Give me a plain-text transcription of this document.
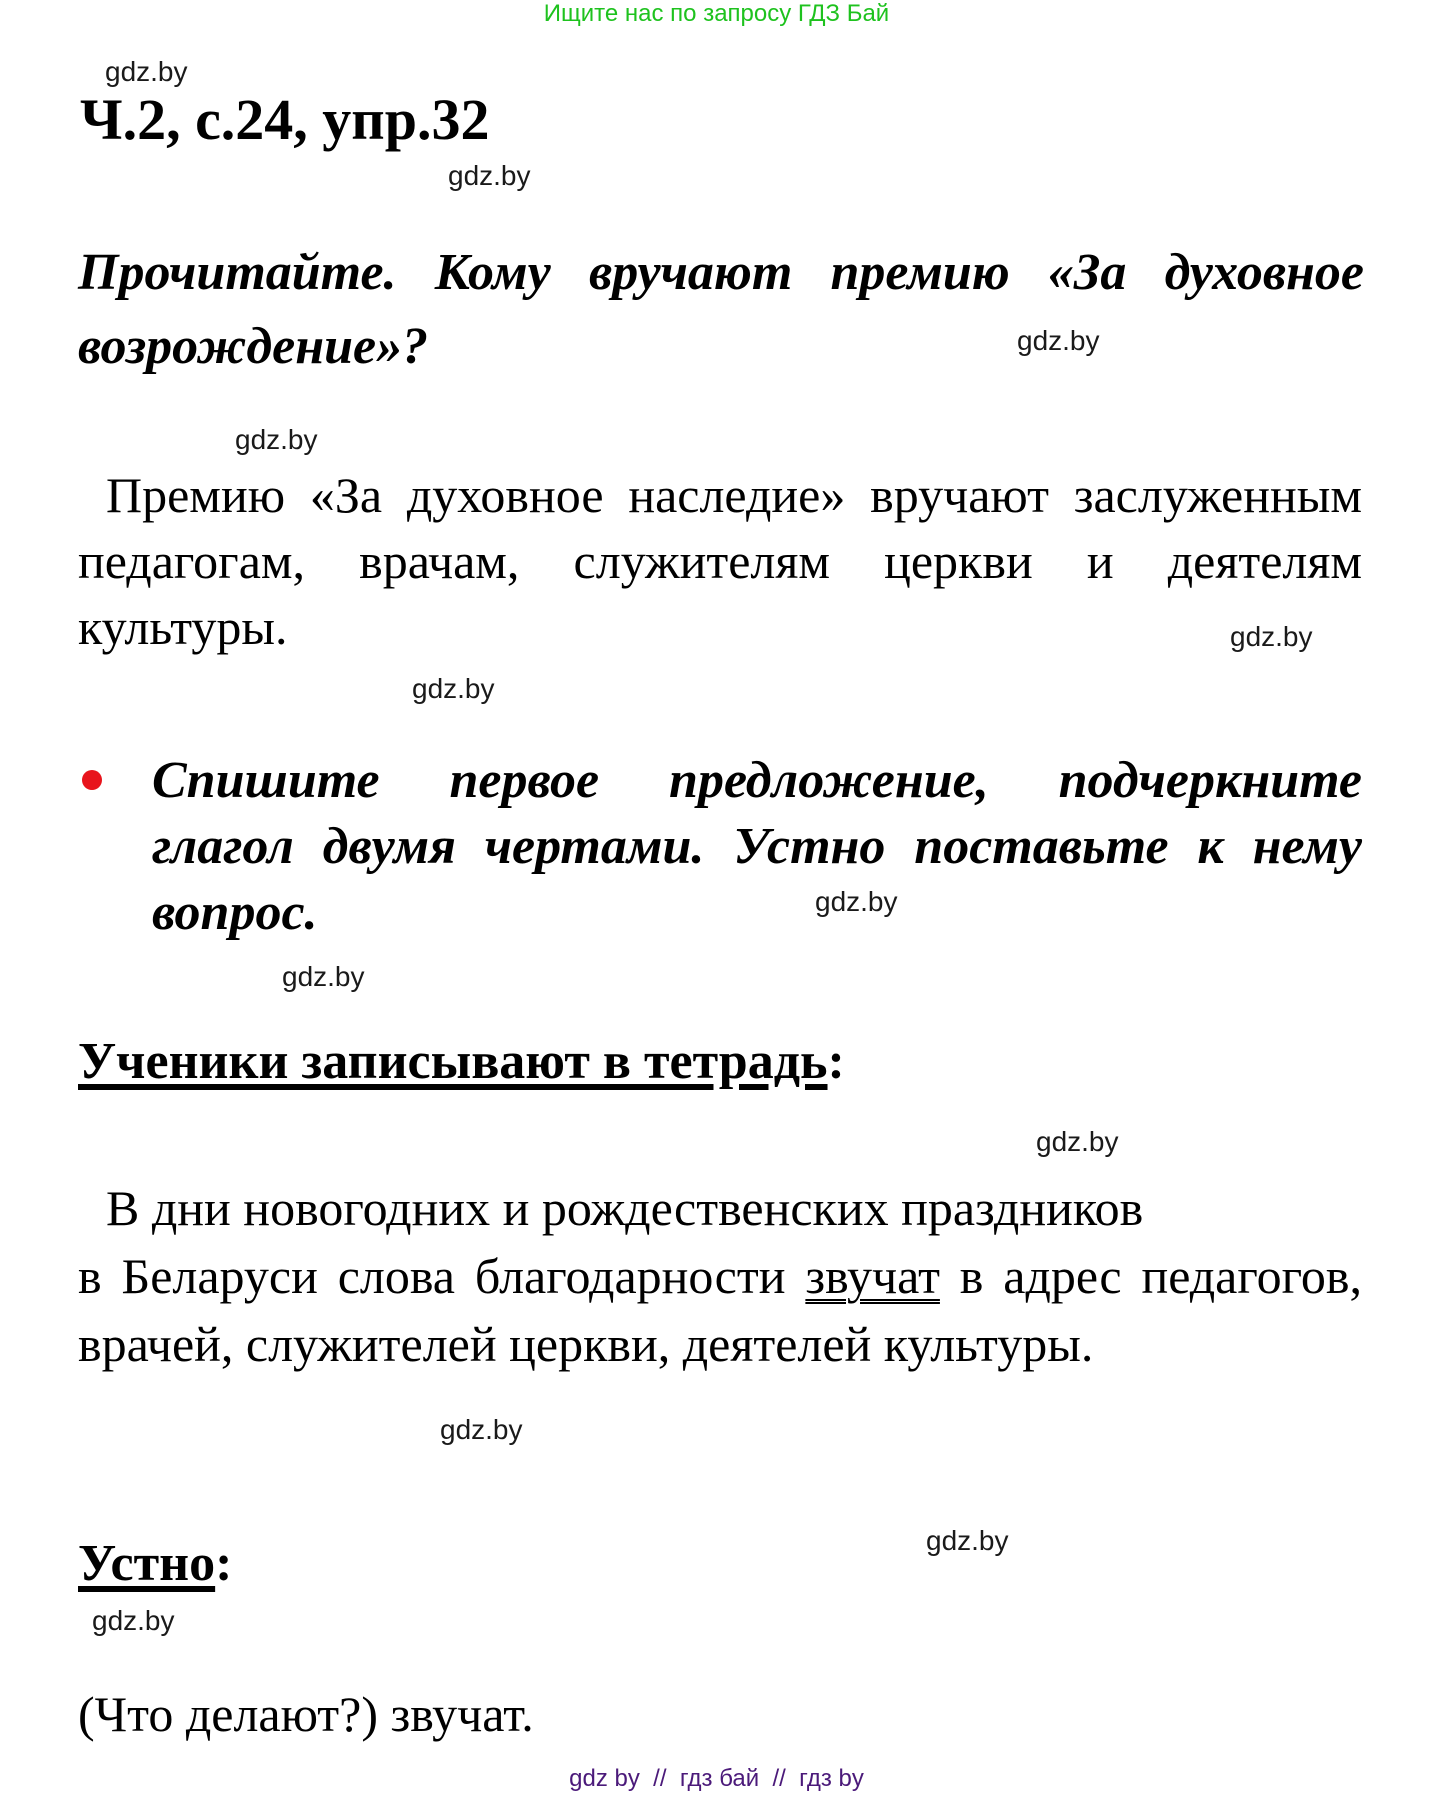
Ищите нас по запросу ГДЗ Бай
gdz.by
gdz.by
gdz.by
gdz.by
gdz.by
gdz.by
gdz.by
gdz.by
gdz.by
gdz.by
gdz.by
gdz.by
Ч.2, с.24, упр.32
Прочитайте. Кому вручают премию «За духовное возрождение»?
Премию «За духовное наследие» вручают заслуженным педагогам, врачам, служителям церкви и деятелям культуры.
Спишите первое предложение, подчеркните глагол двумя чертами. Устно поставьте к нему вопрос.
Ученики записывают в тетрадь:
В дни новогодних и рождественских праздников
в Беларуси слова благодарности звучат в адрес педагогов, врачей, служителей церкви, деятелей культуры.
Устно:
(Что делают?) звучат.
gdz by  //  гдз бай  //  гдз by
